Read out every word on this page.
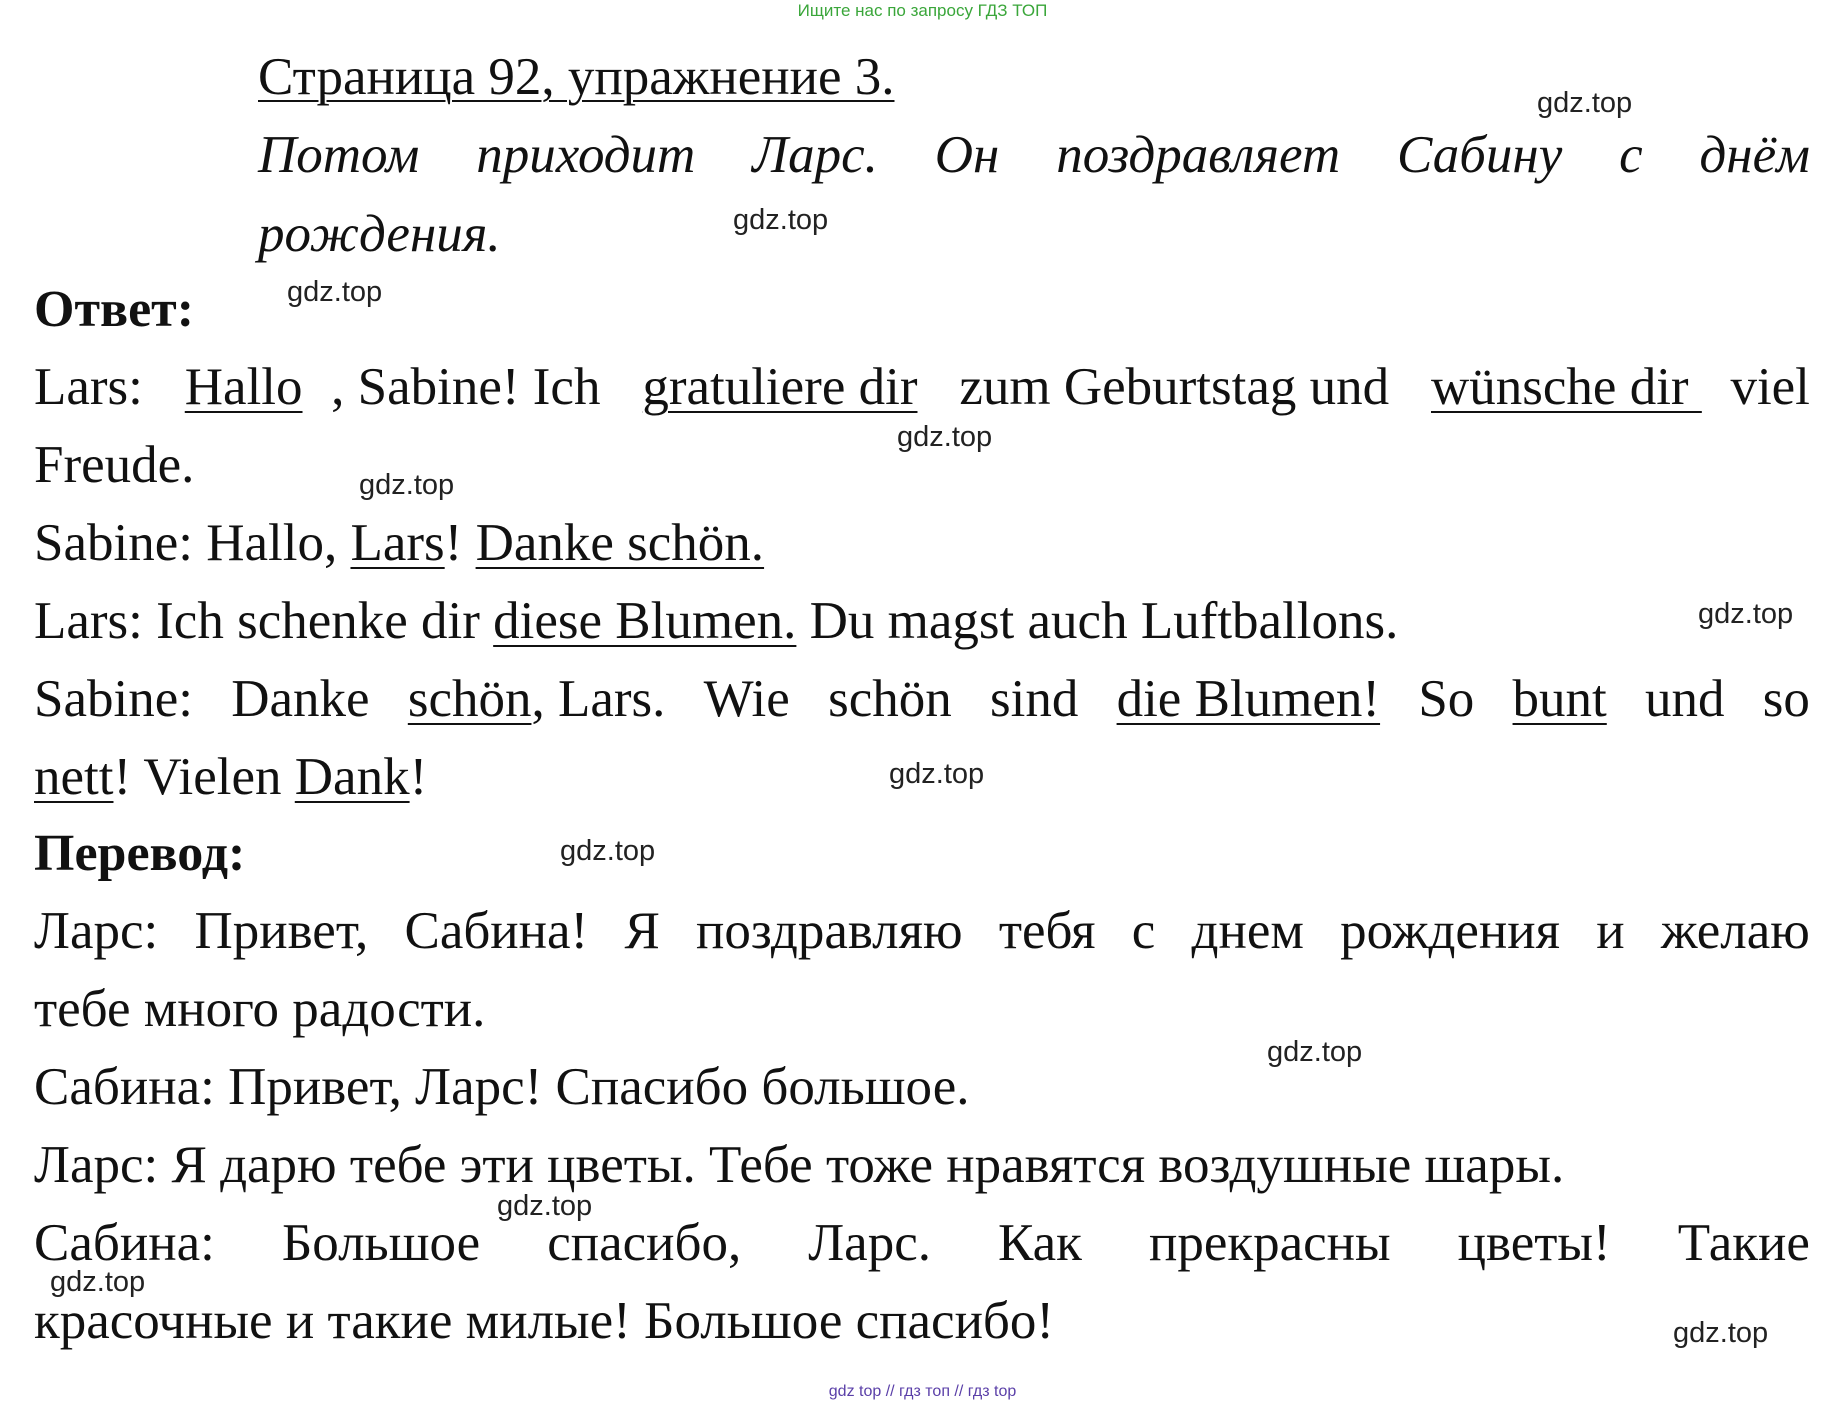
Ищите нас по запросу ГДЗ ТОП
gdz top // гдз топ // гдз top
Страница 92, упражнение 3.
Потом приходит Ларс. Он поздравляет Сабину с днём
рождения.
Ответ:
Lars: Hallo , Sabine! Ich gratuliere dir zum Geburtstag und wünsche dir viel
Freude.
Sabine: Hallo, Lars! Danke schön.
Lars: Ich schenke dir diese Blumen. Du magst auch Luftballons.
Sabine: Danke schön, Lars. Wie schön sind die Blumen! So bunt und so
nett! Vielen Dank!
Перевод:
Ларс: Привет, Сабина! Я поздравляю тебя с днем рождения и желаю
тебе много радости.
Сабина: Привет, Ларс! Спасибо большое.
Ларс: Я дарю тебе эти цветы. Тебе тоже нравятся воздушные шары.
Сабина: Большое спасибо, Ларс. Как прекрасны цветы! Такие
красочные и такие милые! Большое спасибо!
gdz.top
gdz.top
gdz.top
gdz.top
gdz.top
gdz.top
gdz.top
gdz.top
gdz.top
gdz.top
gdz.top
gdz.top
